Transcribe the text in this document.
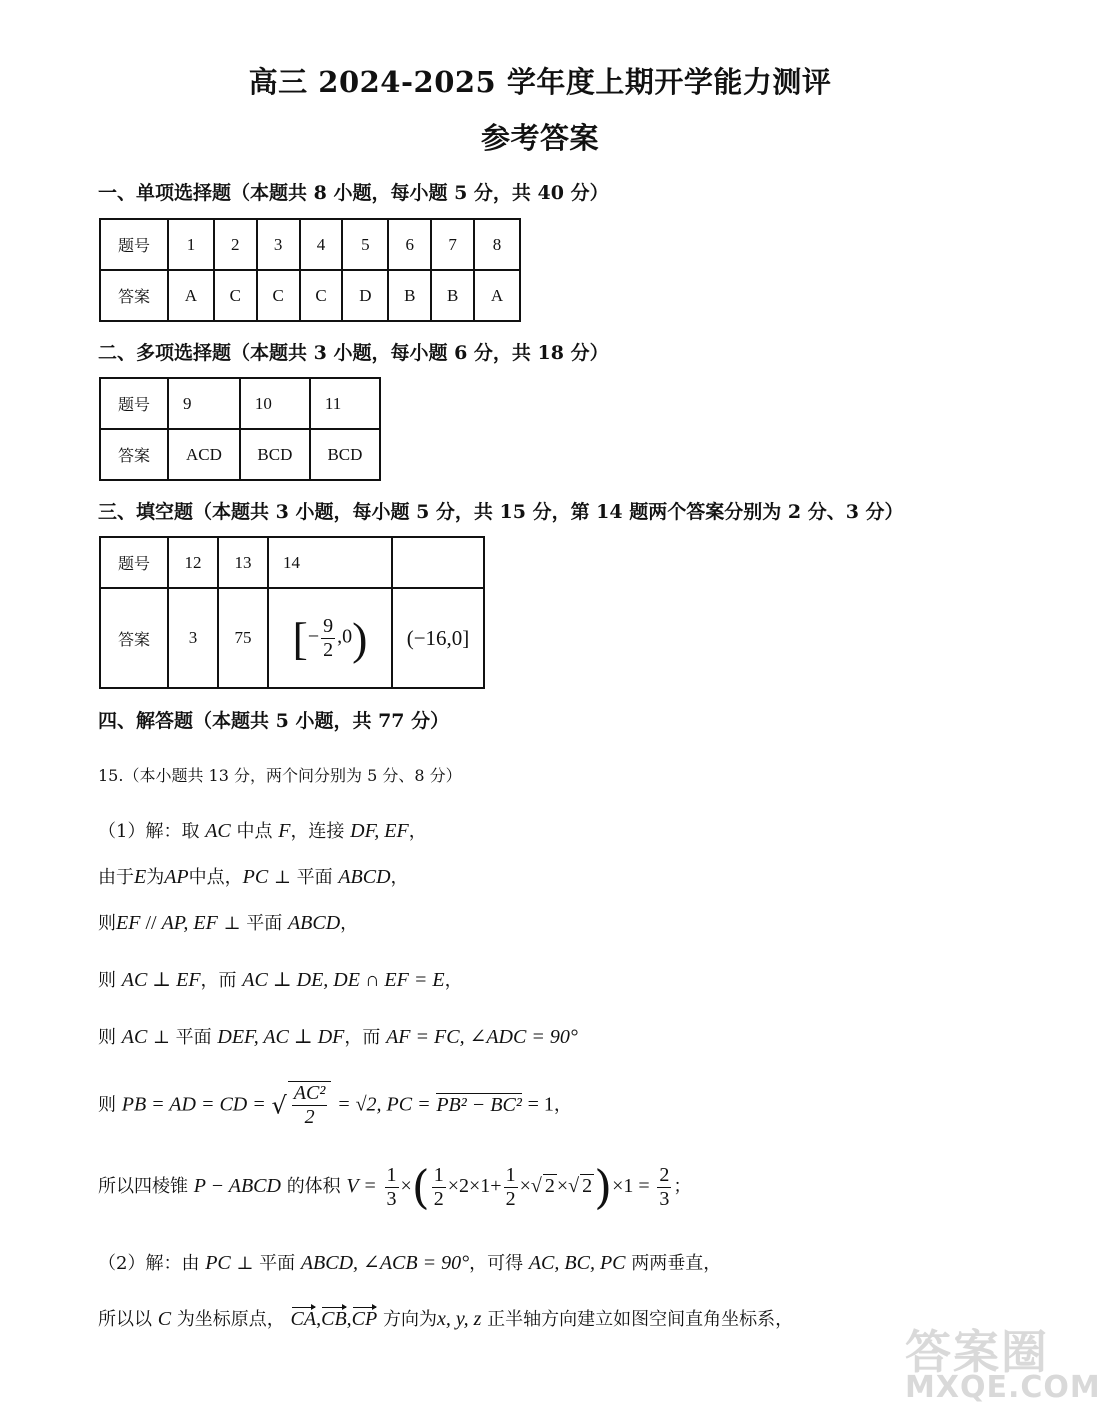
高三 2024-2025 学年度上期开学能力测评
参考答案
一、单项选择题（本题共 8 小题，每小题 5 分，共 40 分）
题号	1	2	3	4	5	6	7	8
答案	A	C	C	C	D	B	B	A
二、多项选择题（本题共 3 小题，每小题 6 分，共 18 分）
题号	9	10	11
答案	ACD	BCD	BCD
三、填空题（本题共 3 小题，每小题 5 分，共 15 分，第 14 题两个答案分别为 2 分、3 分）
题号	12	13	14	
答案	3	75	[− $\frac{9}{2} ,0$)	(−16,0]
四、解答题（本题共 5 小题，共 77 分）
15.（本小题共 13 分，两个问分别为 5 分、8 分）
（1）解：取 AC 中点 F，连接 DF, EF，
由于E为AP中点，PC ⊥ 平面 ABCD，
则EF // AP, EF ⊥ 平面 ABCD，
则 AC ⊥ EF，而 AC ⊥ DE, DE ∩ EF = E，
则 AC ⊥ 平面 DEF, AC ⊥ DF，而 AF = FC, ∠ADC = 90°
则 PB = AD = CD = √ $\frac{\text{AC²}}{2} = √2$, PC = PB² − BC² = 1，
所以四棱锥 P − ABCD 的体积 $V = \frac{1}{3}$ ×( $\frac{1}{2} \times 2\times 1+ \frac{1}{2}$ ×√ 2 ×√ $2)\times 1 = \frac{2}{3}$ ；
（2）解：由 PC ⊥ 平面 ABCD, ∠ACB = 90°，可得 AC, BC, PC 两两垂直，
所以以 C 为坐标原点， CA,CB,CP 方向为x, y, z 正半轴方向建立如图空间直角坐标系，
答案圈
MXQE.COM
